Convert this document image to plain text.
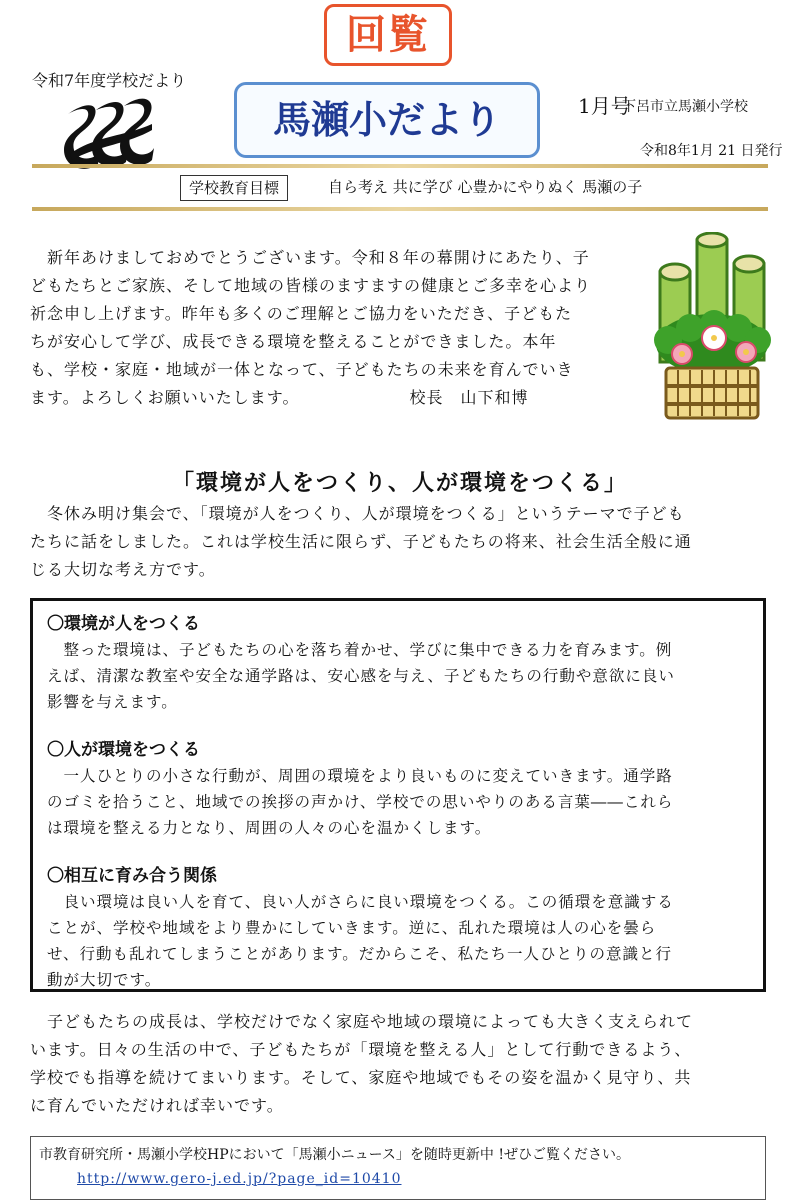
回覧
令和7年度学校だより
馬瀬小だより	1月号
下呂市立馬瀬小学校
令和8年1月 21 日発行
学校教育目標	自ら考え 共に学び 心豊かにやりぬく 馬瀬の子

　新年あけましておめでとうございます。令和８年の幕開けにあたり、子
どもたちとご家族、そして地域の皆様のますますの健康とご多幸を心より
祈念申し上げます。昨年も多くのご理解とご協力をいただき、子どもた
ちが安心して学び、成長できる環境を整えることができました。本年
も、学校・家庭・地域が一体となって、子どもたちの未来を育んでいき
ます。よろしくお願いいたします。	校長　山下和博

「環境が人をつくり、人が環境をつくる」

　冬休み明け集会で、「環境が人をつくり、人が環境をつくる」というテーマで子ども
たちに話をしました。これは学校生活に限らず、子どもたちの将来、社会生活全般に通
じる大切な考え方です。

〇環境が人をつくる

　整った環境は、子どもたちの心を落ち着かせ、学びに集中できる力を育みます。例
えば、清潔な教室や安全な通学路は、安心感を与え、子どもたちの行動や意欲に良い
影響を与えます。

〇人が環境をつくる

　一人ひとりの小さな行動が、周囲の環境をより良いものに変えていきます。通学路
のゴミを拾うこと、地域での挨拶の声かけ、学校での思いやりのある言葉――これら
は環境を整える力となり、周囲の人々の心を温かくします。

〇相互に育み合う関係

　良い環境は良い人を育て、良い人がさらに良い環境をつくる。この循環を意識する
ことが、学校や地域をより豊かにしていきます。逆に、乱れた環境は人の心を曇ら
せ、行動も乱れてしまうことがあります。だからこそ、私たち一人ひとりの意識と行
動が大切です。

　子どもたちの成長は、学校だけでなく家庭や地域の環境によっても大きく支えられて
います。日々の生活の中で、子どもたちが「環境を整える人」として行動できるよう、
学校でも指導を続けてまいります。そして、家庭や地域でもその姿を温かく見守り、共
に育んでいただければ幸いです。

市教育研究所・馬瀬小学校HPにおいて「馬瀬小ニュース」を随時更新中 !ぜひご覧ください。
http://www.gero-j.ed.jp/?page_id=10410
